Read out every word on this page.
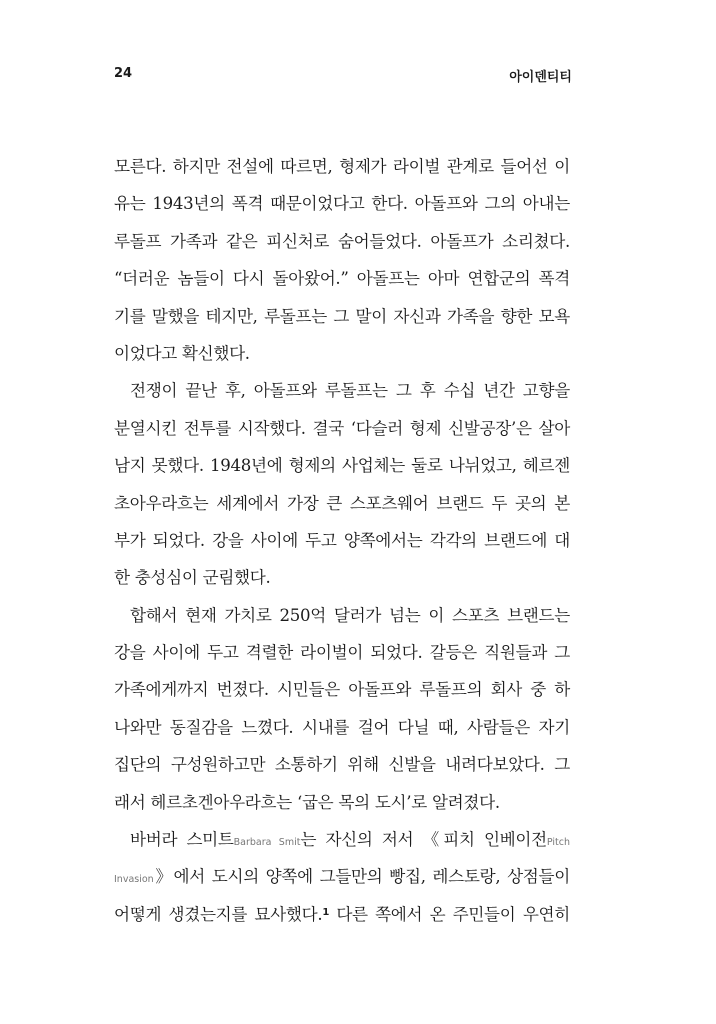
24	아이덴티티
모른다. 하지만 전설에 따르면, 형제가 라이벌 관계로 들어선 이
유는 1943년의 폭격 때문이었다고 한다. 아돌프와 그의 아내는
루돌프 가족과 같은 피신처로 숨어들었다. 아돌프가 소리쳤다.
“더러운 놈들이 다시 돌아왔어.” 아돌프는 아마 연합군의 폭격
기를 말했을 테지만, 루돌프는 그 말이 자신과 가족을 향한 모욕
이었다고 확신했다.
전쟁이 끝난 후, 아돌프와 루돌프는 그 후 수십 년간 고향을
분열시킨 전투를 시작했다. 결국 ‘다슬러 형제 신발공장’은 살아
남지 못했다. 1948년에 형제의 사업체는 둘로 나뉘었고, 헤르젠
초아우라흐는 세계에서 가장 큰 스포츠웨어 브랜드 두 곳의 본
부가 되었다. 강을 사이에 두고 양쪽에서는 각각의 브랜드에 대
한 충성심이 군림했다.
합해서 현재 가치로 250억 달러가 넘는 이 스포츠 브랜드는
강을 사이에 두고 격렬한 라이벌이 되었다. 갈등은 직원들과 그
가족에게까지 번졌다. 시민들은 아돌프와 루돌프의 회사 중 하
나와만 동질감을 느꼈다. 시내를 걸어 다닐 때, 사람들은 자기
집단의 구성원하고만 소통하기 위해 신발을 내려다보았다. 그
래서 헤르초겐아우라흐는 ‘굽은 목의 도시’로 알려졌다.
바버라 스미트Barbara Smit는 자신의 저서 《피치 인베이전Pitch
Invasion》에서 도시의 양쪽에 그들만의 빵집, 레스토랑, 상점들이
어떻게 생겼는지를 묘사했다.$^1$ 다른 쪽에서 온 주민들이 우연히
